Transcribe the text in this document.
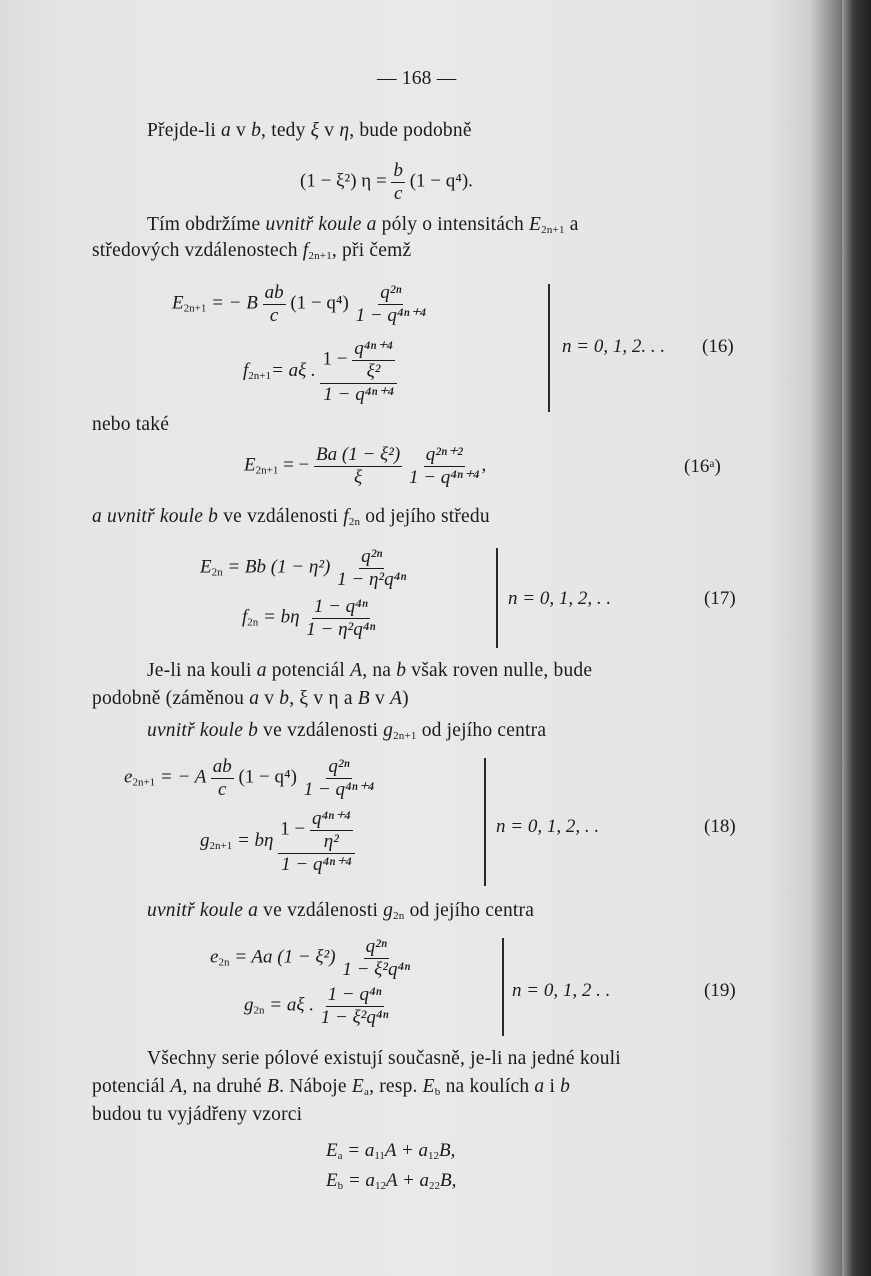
— 168 —
Přejde-li a v b, tedy ξ v η, bude podobně
(1 − ξ²) $\eta = \frac{b}{c} (1 - q^4)$.
Tím obdržíme uvnitř koule a póly o intensitách E2n+1 a
středových vzdálenostech f2n+1, při čemž
E2n+1 = − B $\frac{ab}{c} (1 - q^4) \frac{\text{q²ⁿ}}{\text{1 − q⁴ⁿ⁺⁴}}$
f2n+1= aξ . $\frac{1 - \frac{\text{q⁴ⁿ⁺⁴}}{\text{ξ²}}}{\text{1 − q⁴ⁿ⁺⁴}}$	n = 0, 1, 2. . . (16)
nebo také
E2n+1 = − $\frac{\text{Ba (1 − ξ²)}}{\xi}$
$\frac{\text{q²ⁿ⁺²}}{\text{1 − q⁴ⁿ⁺⁴}}$ ,	(16ᵃ)
a uvnitř koule b ve vzdálenosti f2n od jejího středu
E2n = Bb $(1 - \eta^2) \frac{\text{q²ⁿ}}{\text{1 − η²q⁴ⁿ}}$
f2n = bη $\frac{\text{1 − q⁴ⁿ}}{\text{1 − η²q⁴ⁿ}}$	n = 0, 1, 2, . .	(17)
Je-li na kouli a potenciál A, na b však roven nulle, bude
podobně (záměnou a v b, ξ v η a B v A)
uvnitř koule b ve vzdálenosti g2n+1 od jejího centra
e2n+1 = − A $\frac{ab}{c} (1 - q^4) \frac{\text{q²ⁿ}}{\text{1 − q⁴ⁿ⁺⁴}}$
g2n+1 = bη $\frac{1 - \frac{\text{q⁴ⁿ⁺⁴}}{\text{η²}}}{\text{1 − q⁴ⁿ⁺⁴}}$	n = 0, 1, 2, . .	(18)
uvnitř koule a ve vzdálenosti g2n od jejího centra
e2n = Aa $(1 - \xi^2) \frac{\text{q²ⁿ}}{\text{1 − ξ²q⁴ⁿ}}$
g2n = aξ . $\frac{\text{1 − q⁴ⁿ}}{\text{1 − ξ²q⁴ⁿ}}$	n = 0, 1, 2 . .	(19)
Všechny serie pólové existují současně, je-li na jedné kouli
potenciál A, na druhé B. Náboje Ea, resp. Eb na koulích a i b
budou tu vyjádřeny vzorci
Ea = a11A + a12B,
Eb = a12A + a22B,
